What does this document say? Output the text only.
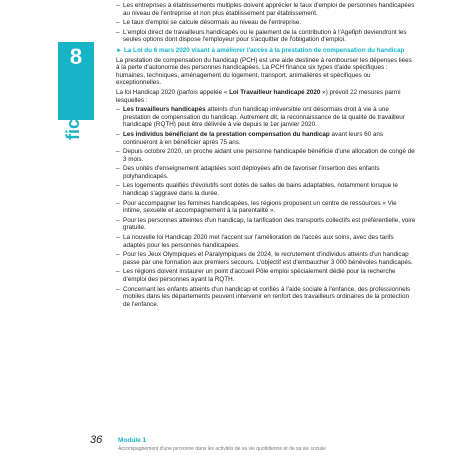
8
fiche
– Les entreprises à établissements multiples doivent apprécier le taux d'emploi de personnes handicapées au niveau de l'entreprise et non plus établissement par établissement.
– Le taux d'emploi se calcule désormais au niveau de l'entreprise.
– L'emploi direct de travailleurs handicapés ou le paiement de la contribution à l'Agefiph deviendront les seules options dont dispose l'employeur pour s'acquitter de l'obligation d'emploi.
► La Loi du 6 mars 2020 visant à améliorer l'accès à la prestation de compensation du handicap

La prestation de compensation du handicap (PCH) est une aide destinée à rembourser les dépenses liées à la perte d'autonomie des personnes handicapées. La PCH finance six types d'aide spécifiques : humaines, techniques, aménagement du logement, transport, animalières et spécifiques ou exceptionnelles.

La loi Handicap 2020 (parfois appelée « Loi Travailleur handicapé 2020 ») prévoit 22 mesures parmi lesquelles :

– Les travailleurs handicapés atteints d'un handicap irréversible ont désormais droit à vie à une prestation de compensation du handicap. Autrement dit, la reconnaissance de la qualité de travailleur handicapé (RQTH) peut être délivrée à vie depuis le 1er janvier 2020.
– Les individus bénéficiant de la prestation compensation du handicap avant leurs 60 ans continueront à en bénéficier après 75 ans.
– Depuis octobre 2020, un proche aidant une personne handicapée bénéficie d'une allocation de congé de 3 mois.
– Des unités d'enseignement adaptées sont déployées afin de favoriser l'insertion des enfants polyhandicapés.
– Les logements qualifiés d'évolutifs sont dotés de salles de bains adaptables, notamment lorsque le handicap s'aggrave dans la durée.
– Pour accompagner les femmes handicapées, les régions proposent un centre de ressources « Vie intime, sexuelle et accompagnement à la parentalité ».
– Pour les personnes atteintes d'un handicap, la tarification des transports collectifs est préférentielle, voire gratuite.
– La nouvelle loi Handicap 2020 met l'accent sur l'amélioration de l'accès aux soins, avec des tarifs adaptés pour les personnes handicapées.
– Pour les Jeux Olympiques et Paralympiques de 2024, le recrutement d'individus atteints d'un handicap passe par une formation aux premiers secours. L'objectif est d'embaucher 3 000 bénévoles handicapés.
– Les régions doivent instaurer un point d'accueil Pôle emploi spécialement dédié pour la recherche d'emploi des personnes ayant la RQTH.
– Concernant les enfants atteints d'un handicap et confiés à l'aide sociale à l'enfance, des professionnels mobiles dans les départements peuvent intervenir en renfort des travailleurs ordinaires de la protection de l'enfance.
36 Module 1
Accompagnement d'une personne dans les activités de sa vie quotidienne et de sa vie sociale
